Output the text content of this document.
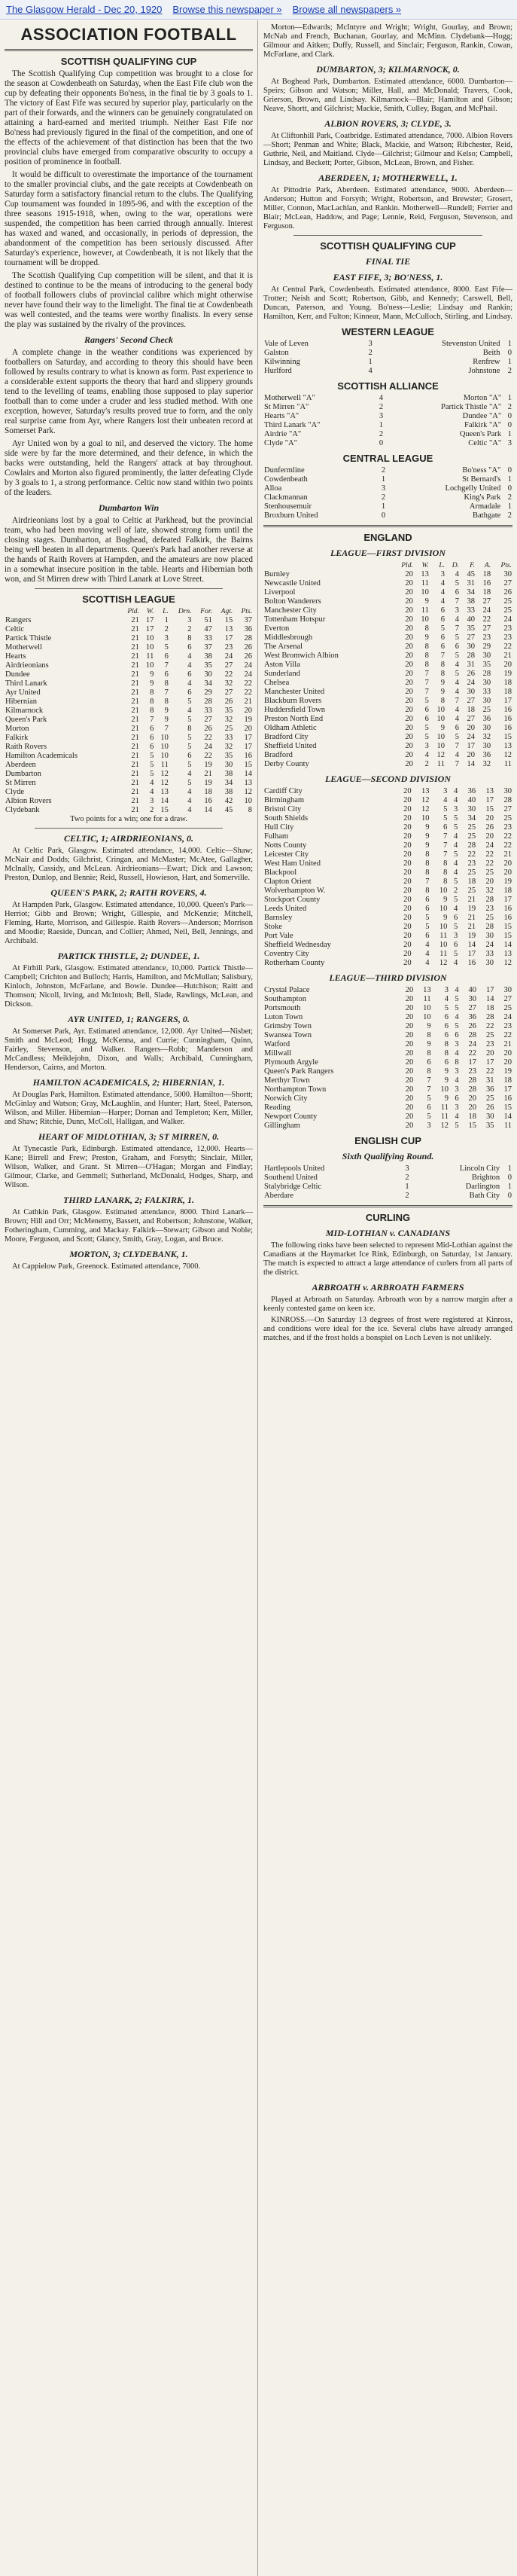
The Glasgow Herald - Dec 20, 1920 Browse this newspaper » Browse all newspapers »
ASSOCIATION FOOTBALL
SCOTTISH QUALIFYING CUP

The Scottish Qualifying Cup competition was brought to a close for the season at Cowdenbeath on Saturday, when the East Fife club won the cup by defeating their opponents Bo'ness, in the final tie by 3 goals to 1. The victory of East Fife was secured by superior play, particularly on the part of their forwards, and the winners can be genuinely congratulated on attaining a hard-earned and merited triumph. Neither East Fife nor Bo'ness had previously figured in the final of the competition, and one of the effects of the achievement of that distinction has been that the two provincial clubs have emerged from comparative obscurity to occupy a position of prominence in football.

It would be difficult to overestimate the importance of the tournament to the smaller provincial clubs, and the gate receipts at Cowdenbeath on Saturday form a satisfactory financial return to the clubs. The Qualifying Cup tournament was founded in 1895-96, and with the exception of the three seasons 1915-1918, when, owing to the war, operations were suspended, the competition has been carried through annually. Interest has waxed and waned, and occasionally, in periods of depression, the abandonment of the competition has been seriously discussed. After Saturday's experience, however, at Cowdenbeath, it is not likely that the tournament will be dropped.

The Scottish Qualifying Cup competition will be silent, and that it is destined to continue to be the means of introducing to the general body of football followers clubs of provincial calibre which might otherwise never have found their way to the limelight. The final tie at Cowdenbeath was well contested, and the teams were worthy finalists. In every sense the play was sustained by the rivalry of the provinces.

Rangers' Second Check

A complete change in the weather conditions was experienced by footballers on Saturday, and according to theory this should have been followed by results contrary to what is known as form. Past experience to a considerable extent supports the theory that hard and slippery grounds tend to the levelling of teams, enabling those supposed to play superior football than to come under a cruder and less studied method. With one exception, however, Saturday's results proved true to form, and the only real surprise came from Ayr, where Rangers lost their unbeaten record at Somerset Park.

Ayr United won by a goal to nil, and deserved the victory. The home side were by far the more determined, and their defence, in which the backs were outstanding, held the Rangers' attack at bay throughout. Cowlairs and Morton also figured prominently, the latter defeating Clyde by 3 goals to 1, a strong performance. Celtic now stand within two points of the leaders.

Dumbarton Win

Airdrieonians lost by a goal to Celtic at Parkhead, but the provincial team, who had been moving well of late, showed strong form until the closing stages. Dumbarton, at Boghead, defeated Falkirk, the Bairns being well beaten in all departments. Queen's Park had another reverse at the hands of Raith Rovers at Hampden, and the amateurs are now placed in a somewhat insecure position in the table. Hearts and Hibernian both won, and St Mirren drew with Third Lanark at Love Street.

SCOTTISH LEAGUE
	Pld.	W.	L.	Drn.	For.	Agt.	Pts.
Rangers	21	17	1	3	51	15	37
Celtic	21	17	2	2	47	13	36
Partick Thistle	21	10	3	8	33	17	28
Motherwell	21	10	5	6	37	23	26
Hearts	21	11	6	4	38	24	26
Airdrieonians	21	10	7	4	35	27	24
Dundee	21	9	6	6	30	22	24
Third Lanark	21	9	8	4	34	32	22
Ayr United	21	8	7	6	29	27	22
Hibernian	21	8	8	5	28	26	21
Kilmarnock	21	8	9	4	33	35	20
Queen's Park	21	7	9	5	27	32	19
Morton	21	6	7	8	26	25	20
Falkirk	21	6	10	5	22	33	17
Raith Rovers	21	6	10	5	24	32	17
Hamilton Academicals	21	5	10	6	22	35	16
Aberdeen	21	5	11	5	19	30	15
Dumbarton	21	5	12	4	21	38	14
St Mirren	21	4	12	5	19	34	13
Clyde	21	4	13	4	18	38	12
Albion Rovers	21	3	14	4	16	42	10
Clydebank	21	2	15	4	14	45	8

Two points for a win; one for a draw.

CELTIC, 1; AIRDRIEONIANS, 0.

At Celtic Park, Glasgow. Estimated attendance, 14,000. Celtic—Shaw; McNair and Dodds; Gilchrist, Cringan, and McMaster; McAtee, Gallagher, McInally, Cassidy, and McLean. Airdrieonians—Ewart; Dick and Lawson; Preston, Dunlop, and Bennie; Reid, Russell, Howieson, Hart, and Somerville.

QUEEN'S PARK, 2; RAITH ROVERS, 4.

At Hampden Park, Glasgow. Estimated attendance, 10,000. Queen's Park—Herriot; Gibb and Brown; Wright, Gillespie, and McKenzie; Mitchell, Fleming, Harte, Morrison, and Gillespie. Raith Rovers—Anderson; Morrison and Moodie; Raeside, Duncan, and Collier; Ahmed, Neil, Bell, Jennings, and Archibald.

PARTICK THISTLE, 2; DUNDEE, 1.

At Firhill Park, Glasgow. Estimated attendance, 10,000. Partick Thistle—Campbell; Crichton and Bulloch; Harris, Hamilton, and McMullan; Salisbury, Kinloch, Johnston, McFarlane, and Bowie. Dundee—Hutchison; Raitt and Thomson; Nicoll, Irving, and McIntosh; Bell, Slade, Rawlings, McLean, and Dickson.

AYR UNITED, 1; RANGERS, 0.

At Somerset Park, Ayr. Estimated attendance, 12,000. Ayr United—Nisbet; Smith and McLeod; Hogg, McKenna, and Currie; Cunningham, Quinn, Fairley, Stevenson, and Walker. Rangers—Robb; Manderson and McCandless; Meiklejohn, Dixon, and Walls; Archibald, Cunningham, Henderson, Cairns, and Morton.

HAMILTON ACADEMICALS, 2; HIBERNIAN, 1.

At Douglas Park, Hamilton. Estimated attendance, 5000. Hamilton—Shortt; McGinlay and Watson; Gray, McLaughlin, and Hunter; Hart, Steel, Paterson, Wilson, and Miller. Hibernian—Harper; Dornan and Templeton; Kerr, Miller, and Shaw; Ritchie, Dunn, McColl, Halligan, and Walker.

HEART OF MIDLOTHIAN, 3; ST MIRREN, 0.

At Tynecastle Park, Edinburgh. Estimated attendance, 12,000. Hearts—Kane; Birrell and Frew; Preston, Graham, and Forsyth; Sinclair, Miller, Wilson, Walker, and Grant. St Mirren—O'Hagan; Morgan and Findlay; Gilmour, Clarke, and Gemmell; Sutherland, McDonald, Hodges, Sharp, and Wilson.

THIRD LANARK, 2; FALKIRK, 1.

At Cathkin Park, Glasgow. Estimated attendance, 8000. Third Lanark—Brown; Hill and Orr; McMenemy, Bassett, and Robertson; Johnstone, Walker, Fotheringham, Cumming, and Mackay. Falkirk—Stewart; Gibson and Noble; Moore, Ferguson, and Scott; Glancy, Smith, Gray, Logan, and Bruce.

MORTON, 3; CLYDEBANK, 1.

At Cappielow Park, Greenock. Estimated attendance, 7000.

Morton—Edwards; McIntyre and Wright; Wright, Gourlay, and Brown; McNab and French, Buchanan, Gourlay, and McMinn. Clydebank—Hogg; Gilmour and Aitken; Duffy, Russell, and Sinclair; Ferguson, Rankin, Cowan, McFarlane, and Clark.

DUMBARTON, 3; KILMARNOCK, 0.

At Boghead Park, Dumbarton. Estimated attendance, 6000. Dumbarton—Speirs; Gibson and Watson; Miller, Hall, and McDonald; Travers, Cook, Grierson, Brown, and Lindsay. Kilmarnock—Blair; Hamilton and Gibson; Neave, Shortt, and Gilchrist; Mackie, Smith, Culley, Bagan, and McPhail.

ALBION ROVERS, 3; CLYDE, 3.

At Cliftonhill Park, Coatbridge. Estimated attendance, 7000. Albion Rovers—Short; Penman and White; Black, Mackie, and Watson; Ribchester, Reid, Guthrie, Neil, and Maitland. Clyde—Gilchrist; Gilmour and Kelso; Campbell, Lindsay, and Beckett; Porter, Gibson, McLean, Brown, and Fisher.

ABERDEEN, 1; MOTHERWELL, 1.

At Pittodrie Park, Aberdeen. Estimated attendance, 9000. Aberdeen—Anderson; Hutton and Forsyth; Wright, Robertson, and Brewster; Grosert, Miller, Connon, MacLachlan, and Rankin. Motherwell—Rundell; Ferrier and Blair; McLean, Haddow, and Page; Lennie, Reid, Ferguson, Stevenson, and Ferguson.

SCOTTISH QUALIFYING CUP
FINAL TIE
EAST FIFE, 3; BO'NESS, 1.

At Central Park, Cowdenbeath. Estimated attendance, 8000. East Fife—Trotter; Neish and Scott; Robertson, Gibb, and Kennedy; Carswell, Bell, Duncan, Paterson, and Young. Bo'ness—Leslie; Lindsay and Rankin; Hamilton, Kerr, and Fulton; Kinnear, Mann, McCulloch, Stirling, and Lindsay.

WESTERN LEAGUE
Vale of Leven	3	Stevenston United	1
Galston	2	Beith	0
Kilwinning	1	Renfrew	1
Hurlford	4	Johnstone	2
SCOTTISH ALLIANCE
Motherwell "A"	4	Morton "A"	1
St Mirren "A"	2	Partick Thistle "A"	2
Hearts "A"	3	Dundee "A"	0
Third Lanark "A"	1	Falkirk "A"	0
Airdrie "A"	2	Queen's Park	1
Clyde "A"	0	Celtic "A"	3
CENTRAL LEAGUE
Dunfermline	2	Bo'ness "A"	0
Cowdenbeath	1	St Bernard's	1
Alloa	3	Lochgelly United	0
Clackmannan	2	King's Park	2
Stenhousemuir	1	Armadale	1
Broxburn United	0	Bathgate	2
ENGLAND
LEAGUE—FIRST DIVISION
	Pld.	W.	L.	D.	F.	A.	Pts.
Burnley	20	13	3	4	45	18	30
Newcastle United	20	11	4	5	31	16	27
Liverpool	20	10	4	6	34	18	26
Bolton Wanderers	20	9	4	7	38	27	25
Manchester City	20	11	6	3	33	24	25
Tottenham Hotspur	20	10	6	4	40	22	24
Everton	20	8	5	7	35	27	23
Middlesbrough	20	9	6	5	27	23	23
The Arsenal	20	8	6	6	30	29	22
West Bromwich Albion	20	8	7	5	28	30	21
Aston Villa	20	8	8	4	31	35	20
Sunderland	20	7	8	5	26	28	19
Chelsea	20	7	9	4	24	30	18
Manchester United	20	7	9	4	30	33	18
Blackburn Rovers	20	5	8	7	27	30	17
Huddersfield Town	20	6	10	4	18	25	16
Preston North End	20	6	10	4	27	36	16
Oldham Athletic	20	5	9	6	20	30	16
Bradford City	20	5	10	5	24	32	15
Sheffield United	20	3	10	7	17	30	13
Bradford	20	4	12	4	20	36	12
Derby County	20	2	11	7	14	32	11
LEAGUE—SECOND DIVISION
Cardiff City	20	13	3	4	36	13	30
Birmingham	20	12	4	4	40	17	28
Bristol City	20	12	5	3	30	15	27
South Shields	20	10	5	5	34	20	25
Hull City	20	9	6	5	25	26	23
Fulham	20	9	7	4	25	20	22
Notts County	20	9	7	4	28	24	22
Leicester City	20	8	7	5	22	22	21
West Ham United	20	8	8	4	23	22	20
Blackpool	20	8	8	4	25	25	20
Clapton Orient	20	7	8	5	18	20	19
Wolverhampton W.	20	8	10	2	25	32	18
Stockport County	20	6	9	5	21	28	17
Leeds United	20	6	10	4	19	23	16
Barnsley	20	5	9	6	21	25	16
Stoke	20	5	10	5	21	28	15
Port Vale	20	6	11	3	19	30	15
Sheffield Wednesday	20	4	10	6	14	24	14
Coventry City	20	4	11	5	17	33	13
Rotherham County	20	4	12	4	16	30	12
LEAGUE—THIRD DIVISION
Crystal Palace	20	13	3	4	40	17	30
Southampton	20	11	4	5	30	14	27
Portsmouth	20	10	5	5	27	18	25
Luton Town	20	10	6	4	36	28	24
Grimsby Town	20	9	6	5	26	22	23
Swansea Town	20	8	6	6	28	25	22
Watford	20	9	8	3	24	23	21
Millwall	20	8	8	4	22	20	20
Plymouth Argyle	20	6	6	8	17	17	20
Queen's Park Rangers	20	8	9	3	23	22	19
Merthyr Town	20	7	9	4	28	31	18
Northampton Town	20	7	10	3	28	36	17
Norwich City	20	5	9	6	20	25	16
Reading	20	6	11	3	20	26	15
Newport County	20	5	11	4	18	30	14
Gillingham	20	3	12	5	15	35	11
ENGLISH CUP
Sixth Qualifying Round.
Hartlepools United	3	Lincoln City	1
Southend United	2	Brighton	0
Stalybridge Celtic	1	Darlington	1
Aberdare	2	Bath City	0
CURLING
MID-LOTHIAN v. CANADIANS

The following rinks have been selected to represent Mid-Lothian against the Canadians at the Haymarket Ice Rink, Edinburgh, on Saturday, 1st January. The match is expected to attract a large attendance of curlers from all parts of the district.

ARBROATH v. ARBROATH FARMERS

Played at Arbroath on Saturday. Arbroath won by a narrow margin after a keenly contested game on keen ice.

KINROSS.—On Saturday 13 degrees of frost were registered at Kinross, and conditions were ideal for the ice. Several clubs have already arranged matches, and if the frost holds a bonspiel on Loch Leven is not unlikely.
